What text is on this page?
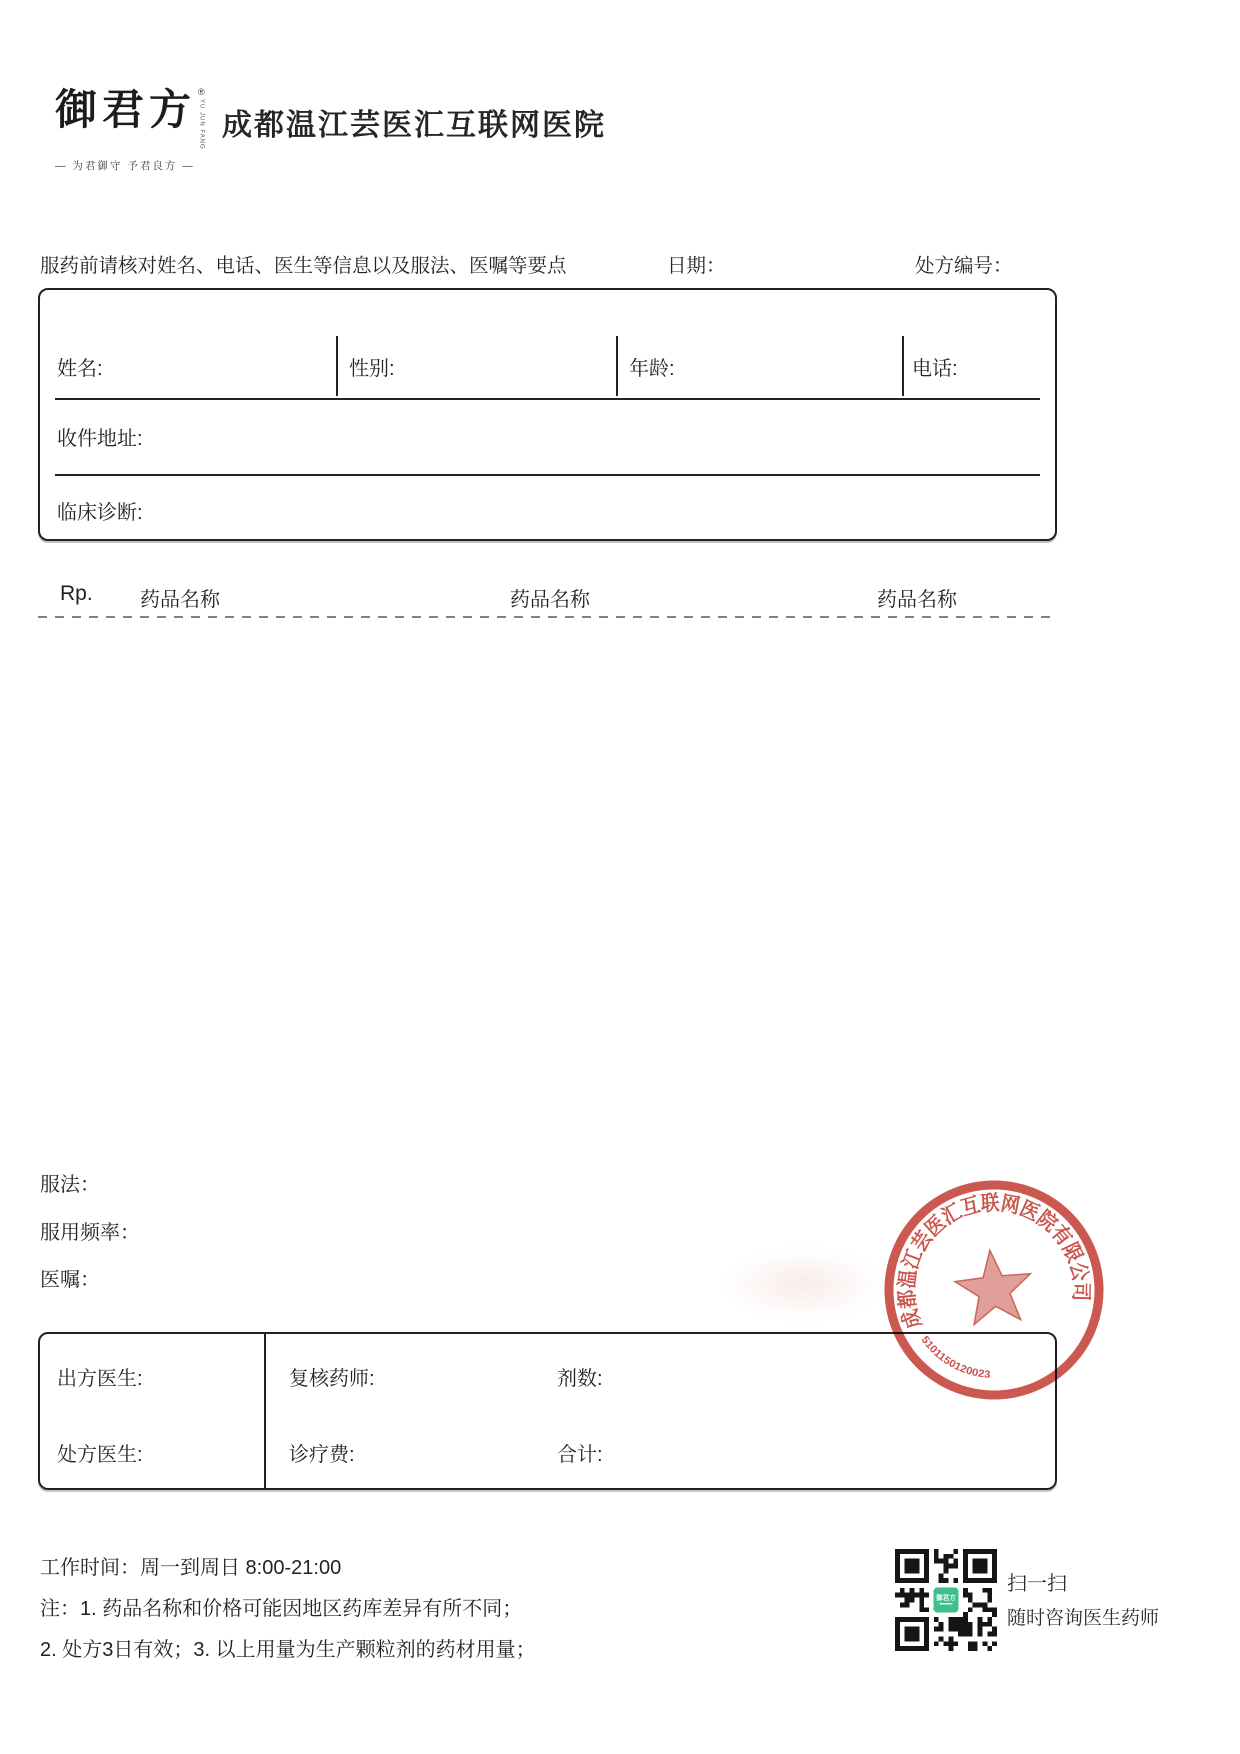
御君方 ®
YU JUN FANG
— 为君御守 予君良方 —
成都温江芸医汇互联网医院
服药前请核对姓名、电话、医生等信息以及服法、医嘱等要点	日期：	处方编号：
姓名:	性别:	年龄:	电话:
收件地址:
临床诊断:
Rp. 药品名称	药品名称	药品名称
服法：
服用频率：
医嘱：
出方医生:	复核药师:	剂数:
处方医生:	诊疗费:	合计:
成都温江芸医汇互联网医院有限公司
5101150120023
工作时间：周一到周日 8:00-21:00
注：1. 药品名称和价格可能因地区药库差异有所不同；
2. 处方3日有效；3. 以上用量为生产颗粒剂的药材用量；
御君方
扫一扫
随时咨询医生药师
